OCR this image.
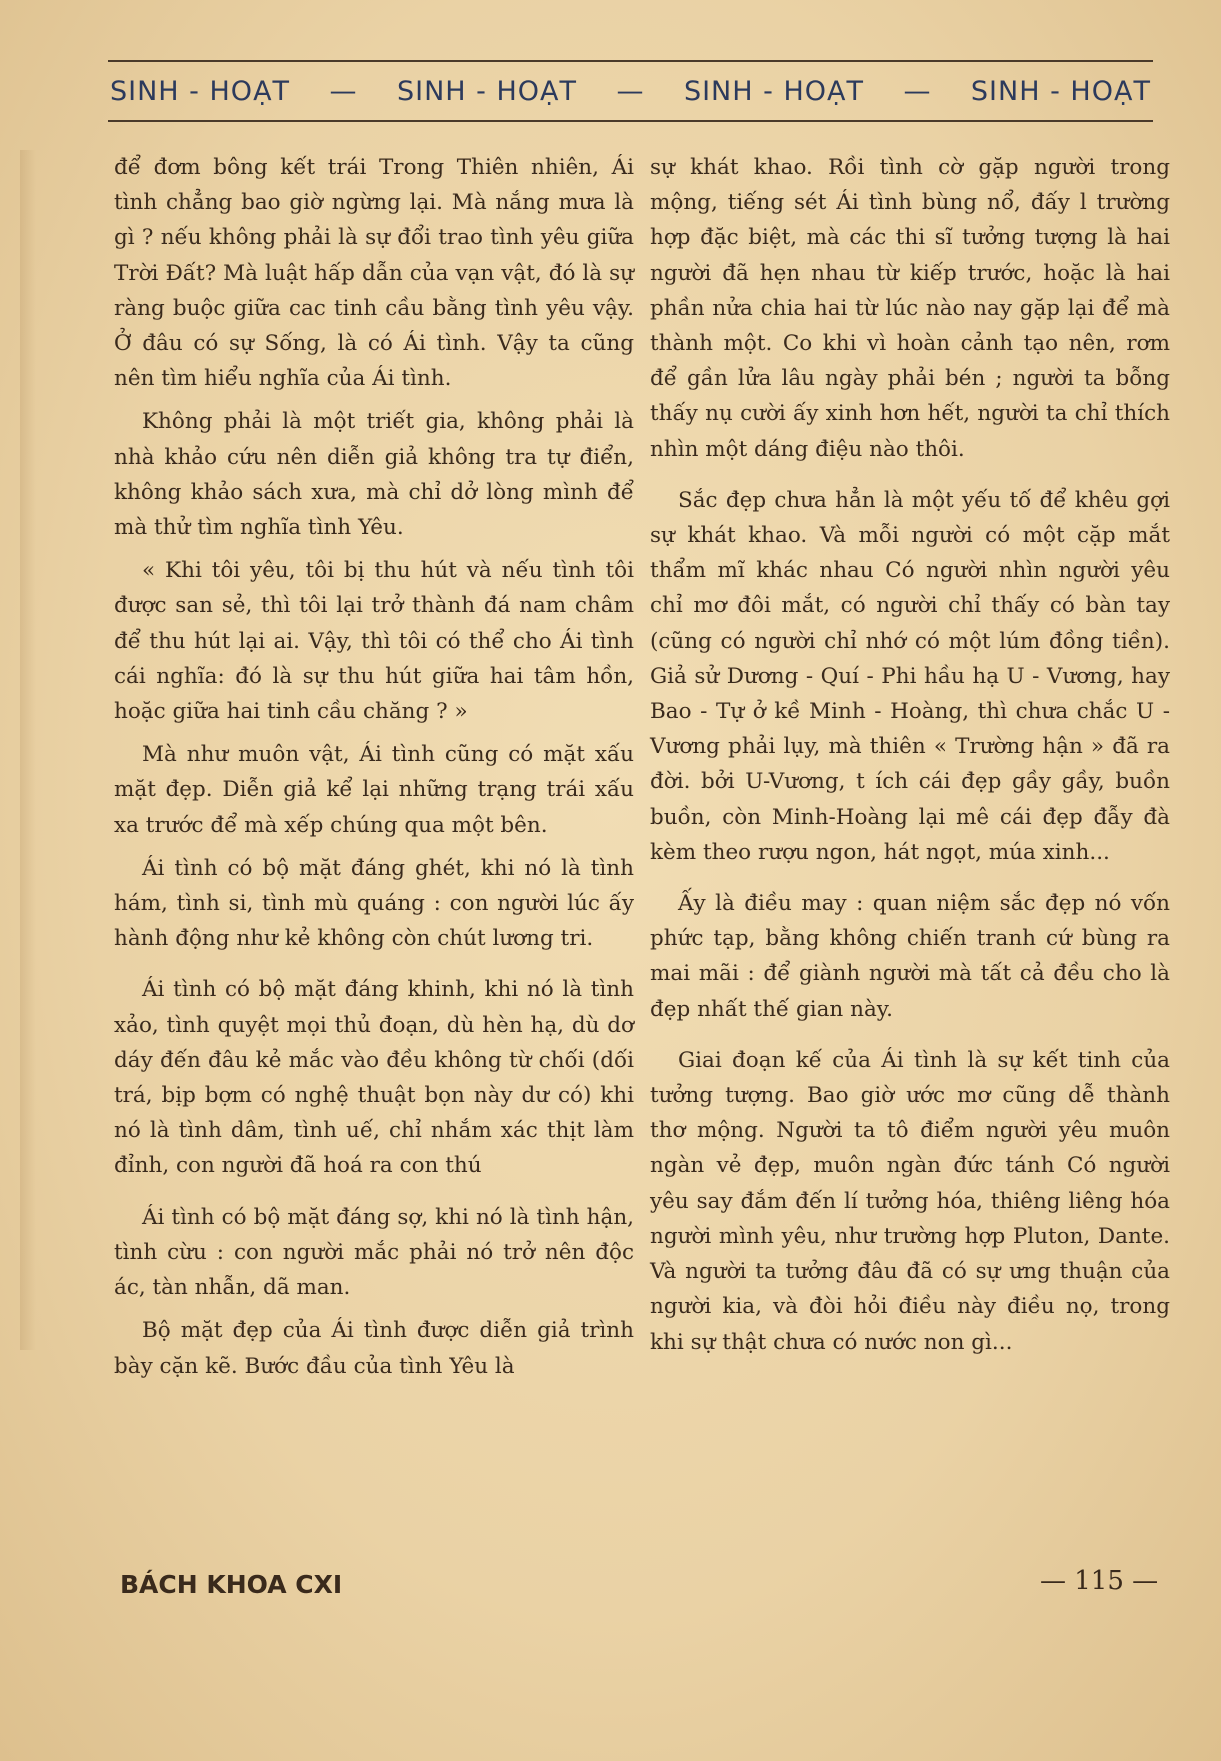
SINH - HOẠT — SINH - HOẠT — SINH - HOẠT — SINH - HOẠT

để đơm bông kết trái Trong Thiên nhiên, Ái tình chẳng bao giờ ngừng lại. Mà nắng mưa là gì ? nếu không phải là sự đổi trao tình yêu giữa Trời Đất? Mà luật hấp dẫn của vạn vật, đó là sự ràng buộc giữa cac tinh cầu bằng tình yêu vậy. Ở đâu có sự Sống, là có Ái tình. Vậy ta cũng nên tìm hiểu nghĩa của Ái tình.

Không phải là một triết gia, không phải là nhà khảo cứu nên diễn giả không tra tự điển, không khảo sách xưa, mà chỉ dở lòng mình để mà thử tìm nghĩa tình Yêu.

« Khi tôi yêu, tôi bị thu hút và nếu tình tôi được san sẻ, thì tôi lại trở thành đá nam châm để thu hút lại ai. Vậy, thì tôi có thể cho Ái tình cái nghĩa: đó là sự thu hút giữa hai tâm hồn, hoặc giữa hai tinh cầu chăng ? »

Mà như muôn vật, Ái tình cũng có mặt xấu mặt đẹp. Diễn giả kể lại những trạng trái xấu xa trước để mà xếp chúng qua một bên.

Ái tình có bộ mặt đáng ghét, khi nó là tình hám, tình si, tình mù quáng : con người lúc ấy hành động như kẻ không còn chút lương tri.

Ái tình có bộ mặt đáng khinh, khi nó là tình xảo, tình quyệt mọi thủ đoạn, dù hèn hạ, dù dơ dáy đến đâu kẻ mắc vào đều không từ chối (dối trá, bịp bợm có nghệ thuật bọn này dư có) khi nó là tình dâm, tình uế, chỉ nhắm xác thịt làm đỉnh, con người đã hoá ra con thú

Ái tình có bộ mặt đáng sợ, khi nó là tình hận, tình cừu : con người mắc phải nó trở nên độc ác, tàn nhẫn, dã man.

Bộ mặt đẹp của Ái tình được diễn giả trình bày cặn kẽ. Bước đầu của tình Yêu là

sự khát khao. Rồi tình cờ gặp người trong mộng, tiếng sét Ái tình bùng nổ, đấy l trường hợp đặc biệt, mà các thi sĩ tưởng tượng là hai người đã hẹn nhau từ kiếp trước, hoặc là hai phần nửa chia hai từ lúc nào nay gặp lại để mà thành một. Co khi vì hoàn cảnh tạo nên, rơm để gần lửa lâu ngày phải bén ; người ta bỗng thấy nụ cười ấy xinh hơn hết, người ta chỉ thích nhìn một dáng điệu nào thôi.

Sắc đẹp chưa hẳn là một yếu tố để khêu gợi sự khát khao. Và mỗi người có một cặp mắt thẩm mĩ khác nhau Có người nhìn người yêu chỉ mơ đôi mắt, có người chỉ thấy có bàn tay (cũng có người chỉ nhớ có một lúm đồng tiền). Giả sử Dương - Quí - Phi hầu hạ U - Vương, hay Bao - Tự ở kề Minh - Hoàng, thì chưa chắc U - Vương phải lụy, mà thiên « Trường hận » đã ra đời. bởi U-Vương, t ích cái đẹp gầy gầy, buồn buồn, còn Minh-Hoàng lại mê cái đẹp đẫy đà kèm theo rượu ngon, hát ngọt, múa xinh...

Ấy là điều may : quan niệm sắc đẹp nó vốn phức tạp, bằng không chiến tranh cứ bùng ra mai mãi : để giành người mà tất cả đều cho là đẹp nhất thế gian này.

Giai đoạn kế của Ái tình là sự kết tinh của tưởng tượng. Bao giờ ước mơ cũng dễ thành thơ mộng. Người ta tô điểm người yêu muôn ngàn vẻ đẹp, muôn ngàn đức tánh Có người yêu say đắm đến lí tưởng hóa, thiêng liêng hóa người mình yêu, như trường hợp Pluton, Dante. Và người ta tưởng đâu đã có sự ưng thuận của người kia, và đòi hỏi điều này điều nọ, trong khi sự thật chưa có nước non gì...

BÁCH KHOA CXI	— 115 —
